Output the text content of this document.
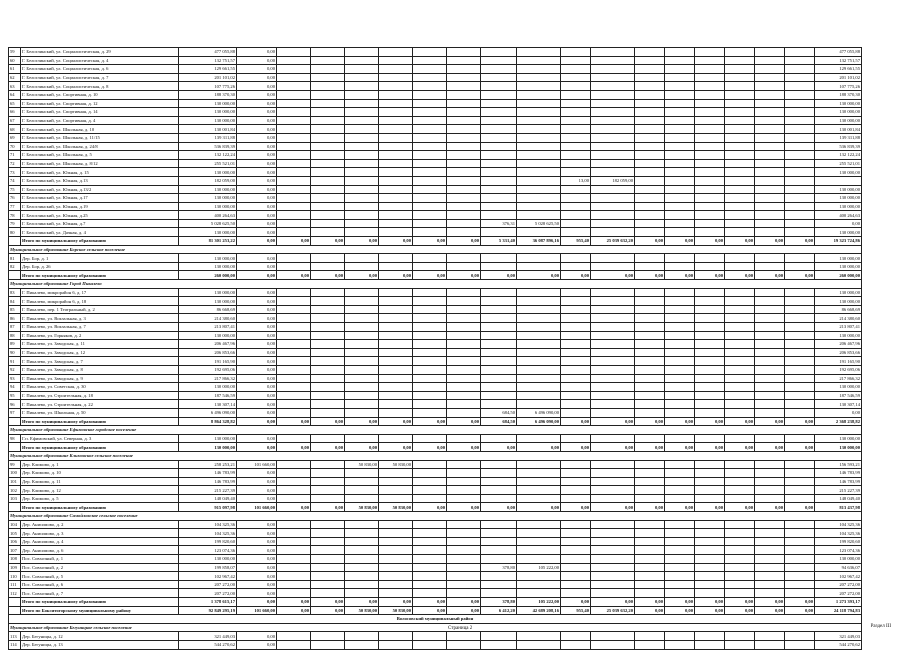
59	Г. Белоглинский, ул. Социалистическая, д. 29	477 055,88	0,00																	477 055,88
60	Г. Белоглинский, ул. Социалистическая, д. 4	132 751,57	0,00																	132 751,57
61	Г. Белоглинский, ул. Социалистическая, д. 6	129 661,55	0,00																	129 661,55
62	Г. Белоглинский, ул. Социалистическая, д. 7	201 101,02	0,00																	201 101,02
63	Г. Белоглинский, ул. Социалистическая, д. 8	107 775,26	0,00																	107 775,26
64	Г. Белоглинский, ул. Спортивная, д. 10	188 370,30	0,00																	188 370,30
65	Г. Белоглинский, ул. Спортивная, д. 12	130 000,00	0,00																	130 000,00
66	Г. Белоглинский, ул. Спортивная, д. 14	130 000,00	0,00																	130 000,00
67	Г. Белоглинский, ул. Спортивная, д. 4	130 000,00	0,00																	130 000,00
68	Г. Белоглинский, ул. Школьная, д. 10	130 001,84	0,00																	130 001,84
69	Г. Белоглинский, ул. Школьная, д. 11/15	139 311,88	0,00																	139 311,88
70	Г. Белоглинский, ул. Школьная, д. 24/8	536 839,39	0,00																	536 839,39
71	Г. Белоглинский, ул. Школьная, д. 5	132 122,24	0,00																	132 122,24
72	Г. Белоглинский, ул. Школьная, д. 8/12	255 521,01	0,00																	255 521,01
73	Г. Белоглинский, ул. Южная, д. 15	130 000,00	0,00																	130 000,00
74	Г. Белоглинский, ул. Южная, д.13	182 059,00	0,00									13,00	182 059,00							
75	Г. Белоглинский, ул. Южная, д.13/2	130 000,00	0,00																	130 000,00
76	Г. Белоглинский, ул. Южная, д.17	130 000,00	0,00																	130 000,00
77	Г. Белоглинский, ул. Южная, д.19	130 000,00	0,00																	130 000,00
78	Г. Белоглинский, ул. Южная, д.25	400 264,63	0,00																	400 264,63
79	Г. Белоглинский, ул. Южная, д.7	5 028 625,50	0,00							376,31	5 028 625,50									0,00
80	Г. Белоглинский, ул. Дачная, д. 4	130 000,00	0,00																	130 000,00
	Итого по муниципальному образованию	81 301 253,22	0,00	0,00	0,00	0,00	0,00	0,00	0,00	5 331,40	36 087 896,16	955,40	25 039 632,20	0,00	0,00	0,00	0,00	0,00	0,00	19 323 724,86
Муниципальное образование Борское сельское поселение																				
81	Дер. Бор, д. 1	130 000,00	0,00																	130 000,00
82	Дер. Бор, д. 26	130 000,00	0,00																	130 000,00
	Итого по муниципальному образованию	260 000,00	0,00	0,00	0,00	0,00	0,00	0,00	0,00	0,00	0,00	0,00	0,00	0,00	0,00	0,00	0,00	0,00	0,00	260 000,00
Муниципальное образование Город Пикалево																				
83	Г. Пикалево, микрорайон 6, д. 17	130 000,00	0,00																	130 000,00
84	Г. Пикалево, микрорайон 6, д. 18	130 000,00	0,00																	130 000,00
85	Г. Пикалево, пер. 1 Театральный, д. 2	86 668,69	0,00																	86 668,69
86	Г. Пикалево, ул. Вокзальная, д. 3	214 380,60	0,00																	214 380,60
87	Г. Пикалево, ул. Вокзальная, д. 7	213 807,41	0,00																	213 807,41
88	Г. Пикалево, ул. Горняков, д. 2	130 000,00	0,00																	130 000,00
89	Г. Пикалево, ул. Заводская, д. 11	206 467,96	0,00																	206 467,96
90	Г. Пикалево, ул. Заводская, д. 12	206 853,66	0,00																	206 853,66
91	Г. Пикалево, ул. Заводская, д. 7	191 165,90	0,00																	191 165,90
92	Г. Пикалево, ул. Заводская, д. 8	192 695,06	0,00																	192 695,06
93	Г. Пикалево, ул. Заводская, д. 9	217 866,32	0,00																	217 866,32
94	Г. Пикалево, ул. Советская, д. 30	130 000,00	0,00																	130 000,00
95	Г. Пикалево, ул. Строительная, д. 18	187 546,59	0,00																	187 546,59
96	Г. Пикалево, ул. Строительная, д. 22	130 307,14	0,00																	130 307,14
97	Г. Пикалево, ул. Школьная, д. 50	6 496 090,00	0,00							684,50	6 496 090,00									0,00
	Итого по муниципальному образованию	8 864 328,82	0,00	0,00	0,00	0,00	0,00	0,00	0,00	684,50	6 496 090,00	0,00	0,00	0,00	0,00	0,00	0,00	0,00	0,00	2 368 238,82
Муниципальное образование Ефимовское городское поселение																				
98	Г.п. Ефимовский, ул. Северная, д. 3	130 000,00	0,00																	130 000,00
	Итого по муниципальному образованию	130 000,00	0,00	0,00	0,00	0,00	0,00	0,00	0,00	0,00	0,00	0,00	0,00	0,00	0,00	0,00	0,00	0,00	0,00	130 000,00
Муниципальное образование Климовское сельское поселение																				
99	Дер. Климово, д. 1	258 253,21	101 660,00			50 830,00	50 830,00													156 593,21
100	Дер. Климово, д. 10	146 783,99	0,00																	146 783,99
101	Дер. Климово, д. 11	146 783,99	0,00																	146 783,99
102	Дер. Климово, д. 12	215 227,39	0,00																	215 227,39
103	Дер. Климово, д. 5	148 049,40	0,00																	148 049,40
	Итого по муниципальному образованию	915 097,98	101 660,00	0,00	0,00	50 830,00	50 830,00	0,00	0,00	0,00	0,00	0,00	0,00	0,00	0,00	0,00	0,00	0,00	0,00	813 437,98
Муниципальное образование Самойловское сельское поселение																				
104	Дер. Анисимово, д. 2	104 325,36	0,00																	104 325,36
105	Дер. Анисимово, д. 3	104 325,36	0,00																	104 325,36
106	Дер. Анисимово, д. 4	199 820,60	0,00																	199 820,60
107	Дер. Анисимово, д. 6	123 074,36	0,00																	123 074,36
108	Пос. Совхозный, д. 1	130 000,00	0,00																	130 000,00
109	Пос. Совхозный, д. 2	199 858,07	0,00							378,80	105 222,00									94 636,07
110	Пос. Совхозный, д. 5	102 967,42	0,00																	102 967,42
111	Пос. Совхозный, д. 6	207 272,00	0,00																	207 272,00
112	Пос. Совхозный, д. 7	207 272,00	0,00																	207 272,00
	Итого по муниципальному образованию	1 378 615,17	0,00	0,00	0,00	0,00	0,00	0,00	0,00	378,80	105 222,00	0,00	0,00	0,00	0,00	0,00	0,00	0,00	0,00	1 273 393,17
	Итого по Бокситогорскому муниципальному району	92 849 295,19	101 660,00	0,00	0,00	50 830,00	50 830,00	0,00	0,00	6 412,20	42 689 208,16	955,40	25 039 632,20	0,00	0,00	0,00	0,00	0,00	0,00	24 118 794,83
Волосовский муниципальный район																				
Муниципальное образование Бегуницкое сельское поселение																				
113	Дер. Бегуницы, д. 12	321 449,03	0,00																	321 449,03
114	Дер. Бегуницы, д. 13	544 270,62	0,00																	544 270,62
Страница 2	Раздел III
